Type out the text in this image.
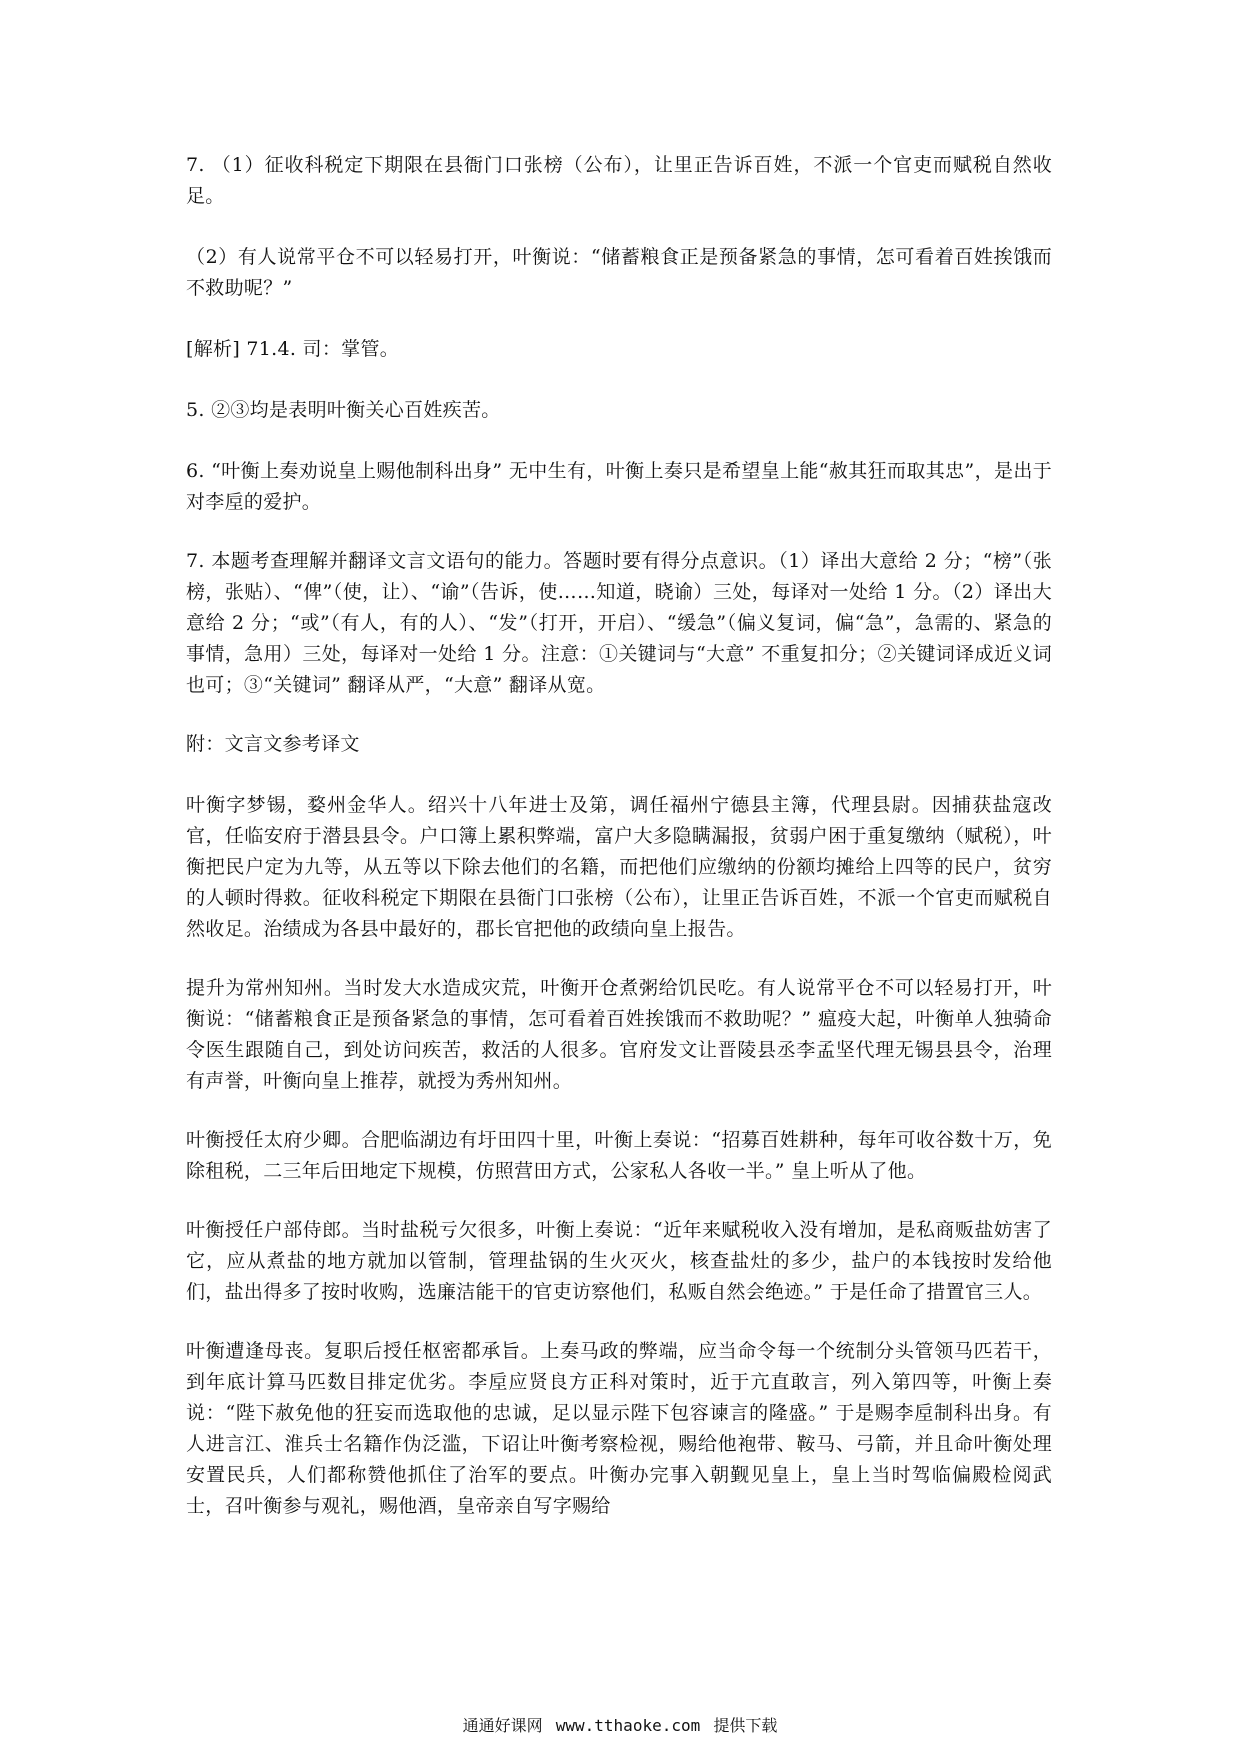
7. （1）征收科税定下期限在县衙门口张榜（公布），让里正告诉百姓，不派一个官吏而赋税自然收足。

（2）有人说常平仓不可以轻易打开，叶衡说：“储蓄粮食正是预备紧急的事情，怎可看着百姓挨饿而不救助呢？”

[解析] 71.4. 司：掌管。

5. ②③均是表明叶衡关心百姓疾苦。

6. “叶衡上奏劝说皇上赐他制科出身” 无中生有，叶衡上奏只是希望皇上能“赦其狂而取其忠”，是出于对李垕的爱护。

7. 本题考查理解并翻译文言文语句的能力。答题时要有得分点意识。（1）译出大意给 2 分；“榜”（张榜，张贴）、“俾”（使，让）、“谕”（告诉，使……知道，晓谕）三处，每译对一处给 1 分。（2）译出大意给 2 分；“或”（有人，有的人）、“发”（打开，开启）、“缓急”（偏义复词，偏“急”，急需的、紧急的事情，急用）三处，每译对一处给 1 分。注意：①关键词与“大意” 不重复扣分；②关键词译成近义词也可；③“关键词” 翻译从严，“大意” 翻译从宽。

附：文言文参考译文

叶衡字梦锡，婺州金华人。绍兴十八年进士及第，调任福州宁德县主簿，代理县尉。因捕获盐寇改官，任临安府于潜县县令。户口簿上累积弊端，富户大多隐瞒漏报，贫弱户困于重复缴纳（赋税），叶衡把民户定为九等，从五等以下除去他们的名籍，而把他们应缴纳的份额均摊给上四等的民户，贫穷的人顿时得救。征收科税定下期限在县衙门口张榜（公布），让里正告诉百姓，不派一个官吏而赋税自然收足。治绩成为各县中最好的，郡长官把他的政绩向皇上报告。

提升为常州知州。当时发大水造成灾荒，叶衡开仓煮粥给饥民吃。有人说常平仓不可以轻易打开，叶衡说：“储蓄粮食正是预备紧急的事情，怎可看着百姓挨饿而不救助呢？” 瘟疫大起，叶衡单人独骑命令医生跟随自己，到处访问疾苦，救活的人很多。官府发文让晋陵县丞李孟坚代理无锡县县令，治理有声誉，叶衡向皇上推荐，就授为秀州知州。

叶衡授任太府少卿。合肥临湖边有圩田四十里，叶衡上奏说：“招募百姓耕种，每年可收谷数十万，免除租税，二三年后田地定下规模，仿照营田方式，公家私人各收一半。” 皇上听从了他。

叶衡授任户部侍郎。当时盐税亏欠很多，叶衡上奏说：“近年来赋税收入没有增加，是私商贩盐妨害了它，应从煮盐的地方就加以管制，管理盐锅的生火灭火，核查盐灶的多少，盐户的本钱按时发给他们，盐出得多了按时收购，选廉洁能干的官吏访察他们，私贩自然会绝迹。” 于是任命了措置官三人。

叶衡遭逢母丧。复职后授任枢密都承旨。上奏马政的弊端，应当命令每一个统制分头管领马匹若干，到年底计算马匹数目排定优劣。李垕应贤良方正科对策时，近于亢直敢言，列入第四等，叶衡上奏说：“陛下赦免他的狂妄而选取他的忠诚，足以显示陛下包容谏言的隆盛。” 于是赐李垕制科出身。有人进言江、淮兵士名籍作伪泛滥，下诏让叶衡考察检视，赐给他袍带、鞍马、弓箭，并且命叶衡处理安置民兵，人们都称赞他抓住了治军的要点。叶衡办完事入朝觐见皇上，皇上当时驾临偏殿检阅武士，召叶衡参与观礼，赐他酒，皇帝亲自写字赐给

通通好课网 www.tthaoke.com 提供下载
